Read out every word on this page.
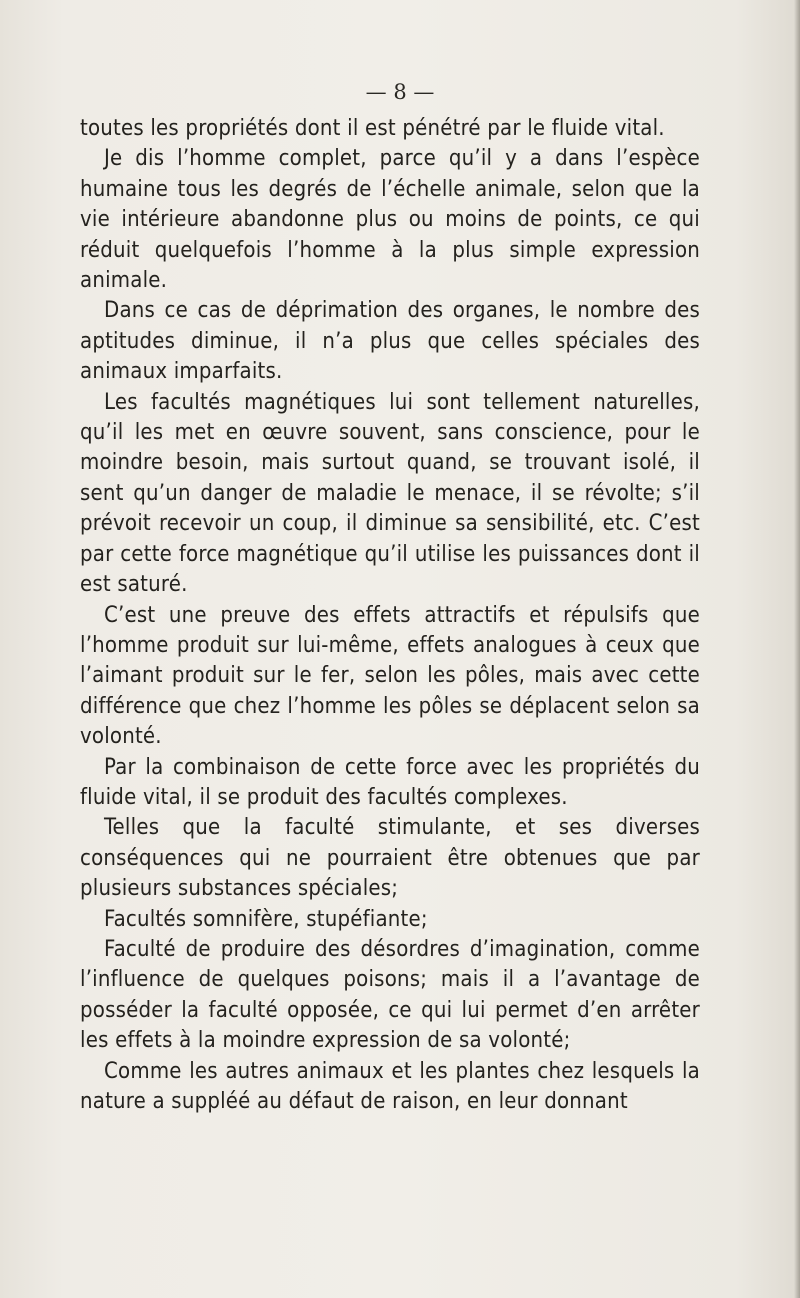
— 8 —

toutes les propriétés dont il est pénétré par le fluide vital.

Je dis l’homme complet, parce qu’il y a dans l’espèce humaine tous les degrés de l’échelle animale, selon que la vie intérieure abandonne plus ou moins de points, ce qui réduit quelquefois l’homme à la plus simple expression animale.

Dans ce cas de déprimation des organes, le nombre des aptitudes diminue, il n’a plus que celles spéciales des animaux imparfaits.

Les facultés magnétiques lui sont tellement naturelles, qu’il les met en œuvre souvent, sans conscience, pour le moindre besoin, mais surtout quand, se trouvant isolé, il sent qu’un danger de maladie le menace, il se révolte; s’il prévoit recevoir un coup, il diminue sa sensibilité, etc. C’est par cette force magnétique qu’il utilise les puissances dont il est saturé.

C’est une preuve des effets attractifs et répulsifs que l’homme produit sur lui-même, effets analogues à ceux que l’aimant produit sur le fer, selon les pôles, mais avec cette différence que chez l’homme les pôles se déplacent selon sa volonté.

Par la combinaison de cette force avec les propriétés du fluide vital, il se produit des facultés complexes.

Telles que la faculté stimulante, et ses diverses conséquences qui ne pourraient être obtenues que par plusieurs substances spéciales;

Facultés somnifère, stupéfiante;

Faculté de produire des désordres d’imagination, comme l’influence de quelques poisons; mais il a l’avantage de posséder la faculté opposée, ce qui lui permet d’en arrêter les effets à la moindre expression de sa volonté;

Comme les autres animaux et les plantes chez lesquels la nature a suppléé au défaut de raison, en leur donnant
